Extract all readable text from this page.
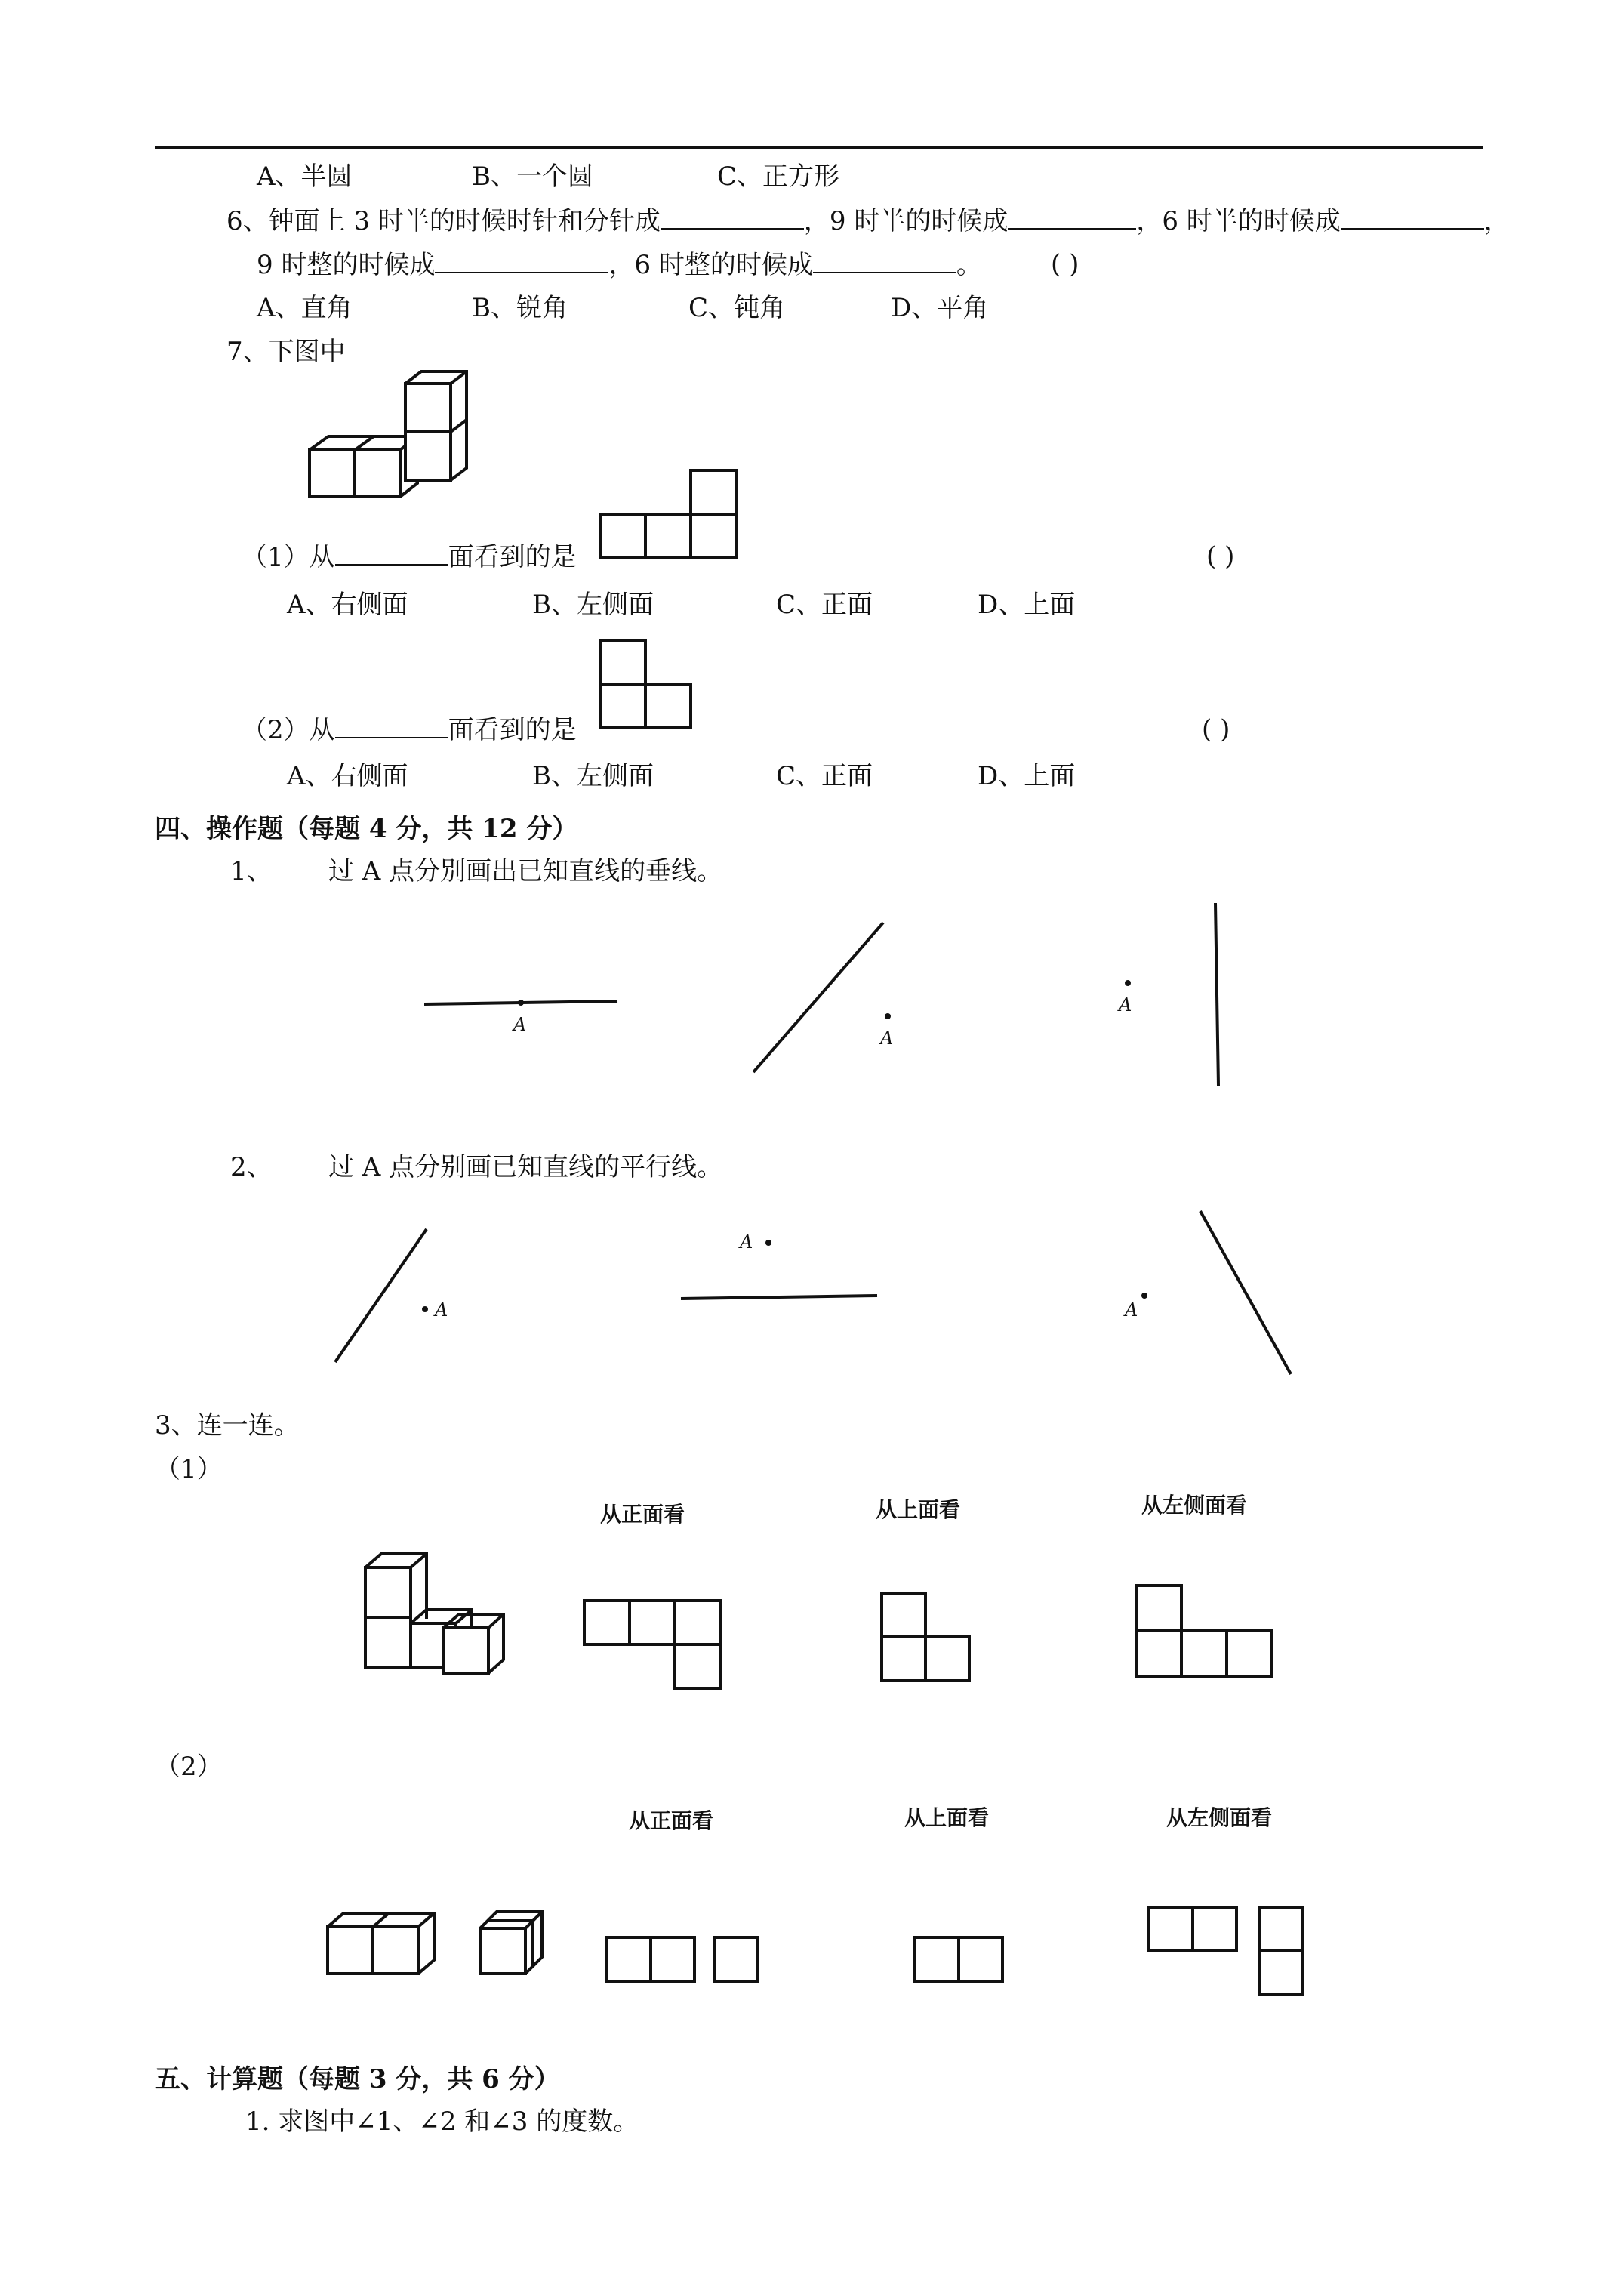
A、半圆	B、一个圆	C、正方形
6、钟面上 3 时半的时候时针和分针成	，9 时半的时候成	，6 时半的时候成	，
9 时整的时候成	，6 时整的时候成	。	( )
A、直角	B、锐角	C、钝角	D、平角
7、下图中
（1）从	面看到的是	( )
A、右侧面	B、左侧面	C、正面	D、上面
（2）从	面看到的是	( )
A、右侧面	B、左侧面	C、正面	D、上面
四、操作题（每题 4 分，共 12 分）
1、 过 A 点分别画出已知直线的垂线。
A
A
A
2、 过 A 点分别画已知直线的平行线。
A
A
A
3、连一连。
（1）
从正面看	从上面看	从左侧面看
（2）
从正面看	从上面看	从左侧面看
五、计算题（每题 3 分，共 6 分）
1. 求图中∠1、∠2 和∠3 的度数。
